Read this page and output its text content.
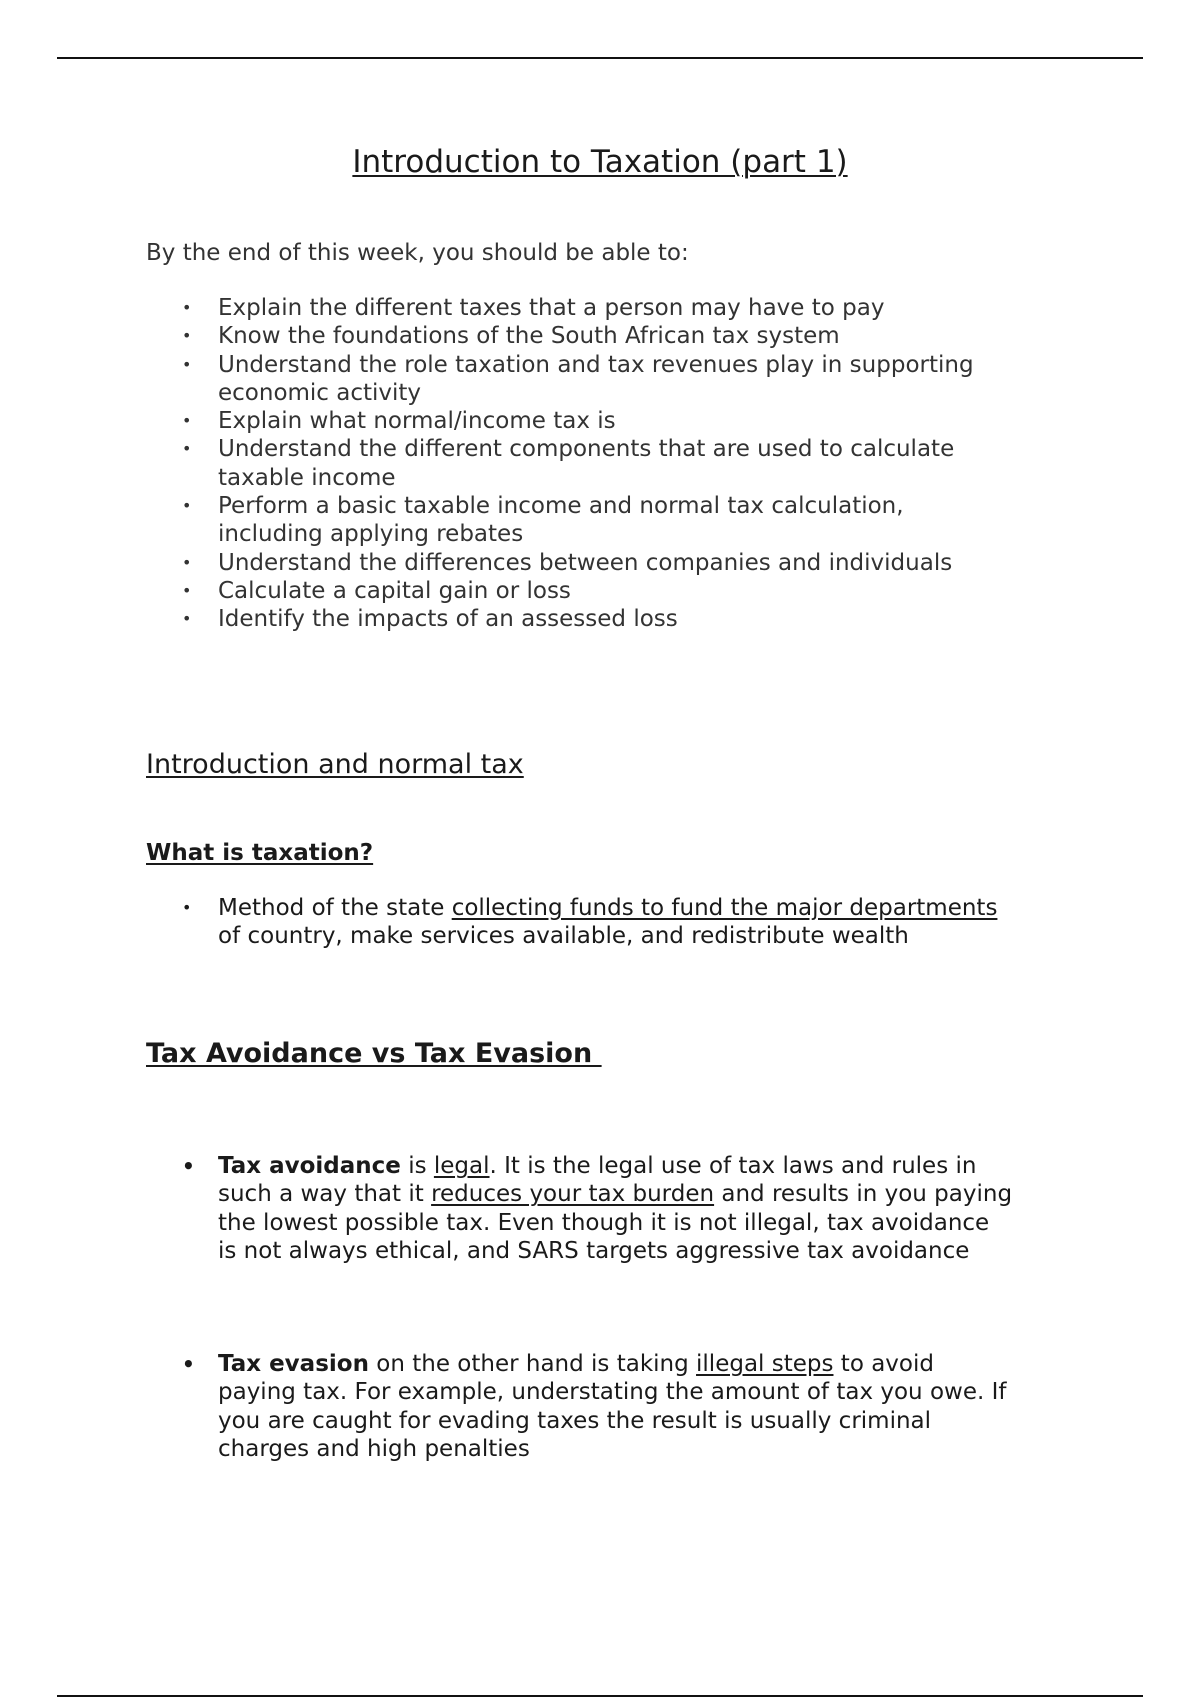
Introduction to Taxation (part 1)

By the end of this week, you should be able to:

• Explain the different taxes that a person may have to pay
• Know the foundations of the South African tax system
• Understand the role taxation and tax revenues play in supporting
economic activity
• Explain what normal/income tax is
• Understand the different components that are used to calculate
taxable income
• Perform a basic taxable income and normal tax calculation,
including applying rebates
• Understand the differences between companies and individuals
• Calculate a capital gain or loss
• Identify the impacts of an assessed loss
Introduction and normal tax
What is taxation?
• Method of the state collecting funds to fund the major departments
of country, make services available, and redistribute wealth
Tax Avoidance vs Tax Evasion
• Tax avoidance is legal. It is the legal use of tax laws and rules in
such a way that it reduces your tax burden and results in you paying
the lowest possible tax. Even though it is not illegal, tax avoidance
is not always ethical, and SARS targets aggressive tax avoidance
• Tax evasion on the other hand is taking illegal steps to avoid
paying tax. For example, understating the amount of tax you owe. If
you are caught for evading taxes the result is usually criminal
charges and high penalties
